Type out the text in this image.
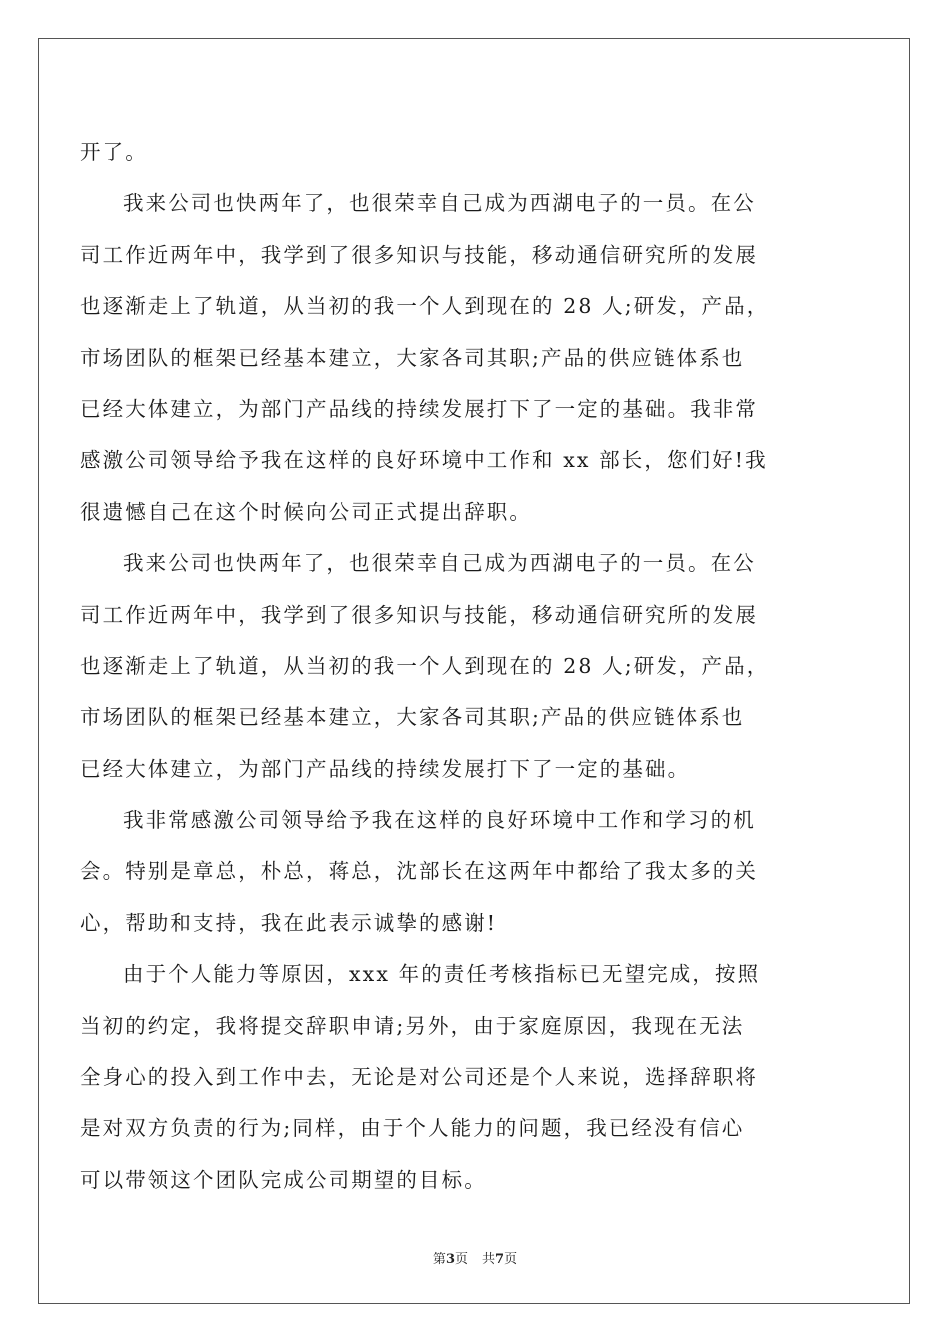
开了。
我来公司也快两年了，也很荣幸自己成为西湖电子的一员。在公
司工作近两年中，我学到了很多知识与技能，移动通信研究所的发展
也逐渐走上了轨道，从当初的我一个人到现在的 28 人;研发，产品，
市场团队的框架已经基本建立，大家各司其职;产品的供应链体系也
已经大体建立，为部门产品线的持续发展打下了一定的基础。我非常
感激公司领导给予我在这样的良好环境中工作和 xx 部长，您们好!我
很遗憾自己在这个时候向公司正式提出辞职。
我来公司也快两年了，也很荣幸自己成为西湖电子的一员。在公
司工作近两年中，我学到了很多知识与技能，移动通信研究所的发展
也逐渐走上了轨道，从当初的我一个人到现在的 28 人;研发，产品，
市场团队的框架已经基本建立，大家各司其职;产品的供应链体系也
已经大体建立，为部门产品线的持续发展打下了一定的基础。
我非常感激公司领导给予我在这样的良好环境中工作和学习的机
会。特别是章总，朴总，蒋总，沈部长在这两年中都给了我太多的关
心，帮助和支持，我在此表示诚挚的感谢!
由于个人能力等原因，xxx 年的责任考核指标已无望完成，按照
当初的约定，我将提交辞职申请;另外，由于家庭原因，我现在无法
全身心的投入到工作中去，无论是对公司还是个人来说，选择辞职将
是对双方负责的行为;同样，由于个人能力的问题，我已经没有信心
可以带领这个团队完成公司期望的目标。
第3页 共7页
